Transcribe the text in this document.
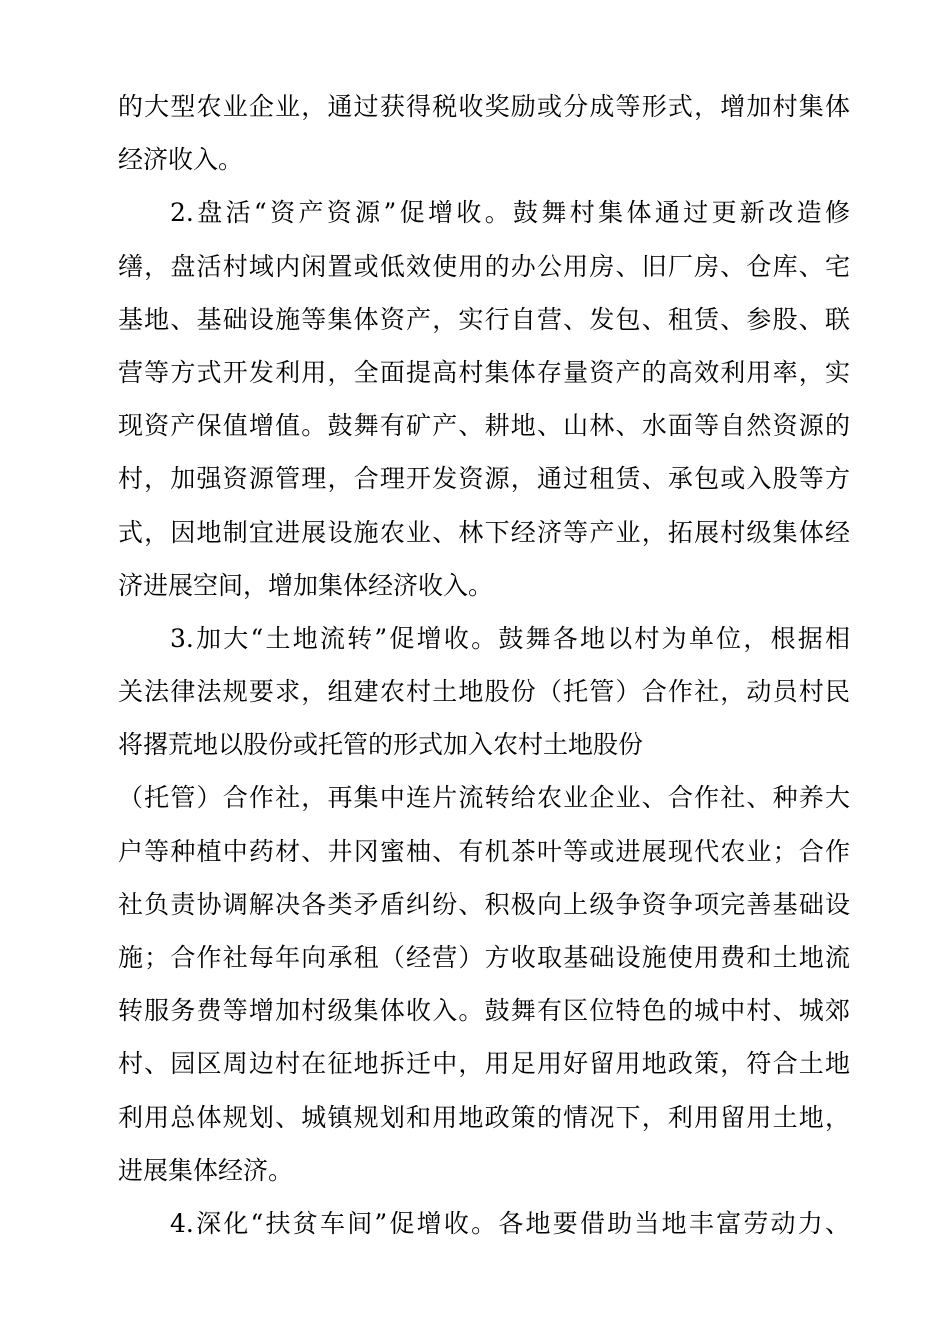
的大型农业企业，通过获得税收奖励或分成等形式，增加村集体
经济收入。
2.盘活“资产资源”促增收。鼓舞村集体通过更新改造修
缮，盘活村域内闲置或低效使用的办公用房、旧厂房、仓库、宅
基地、基础设施等集体资产，实行自营、发包、租赁、参股、联
营等方式开发利用，全面提高村集体存量资产的高效利用率，实
现资产保值增值。鼓舞有矿产、耕地、山林、水面等自然资源的
村，加强资源管理，合理开发资源，通过租赁、承包或入股等方
式，因地制宜进展设施农业、林下经济等产业，拓展村级集体经
济进展空间，增加集体经济收入。
3.加大“土地流转”促增收。鼓舞各地以村为单位，根据相
关法律法规要求，组建农村土地股份（托管）合作社，动员村民
将撂荒地以股份或托管的形式加入农村土地股份
（托管）合作社，再集中连片流转给农业企业、合作社、种养大
户等种植中药材、井冈蜜柚、有机茶叶等或进展现代农业；合作
社负责协调解决各类矛盾纠纷、积极向上级争资争项完善基础设
施；合作社每年向承租（经营）方收取基础设施使用费和土地流
转服务费等增加村级集体收入。鼓舞有区位特色的城中村、城郊
村、园区周边村在征地拆迁中，用足用好留用地政策，符合土地
利用总体规划、城镇规划和用地政策的情况下，利用留用土地，
进展集体经济。
4.深化“扶贫车间”促增收。各地要借助当地丰富劳动力、
